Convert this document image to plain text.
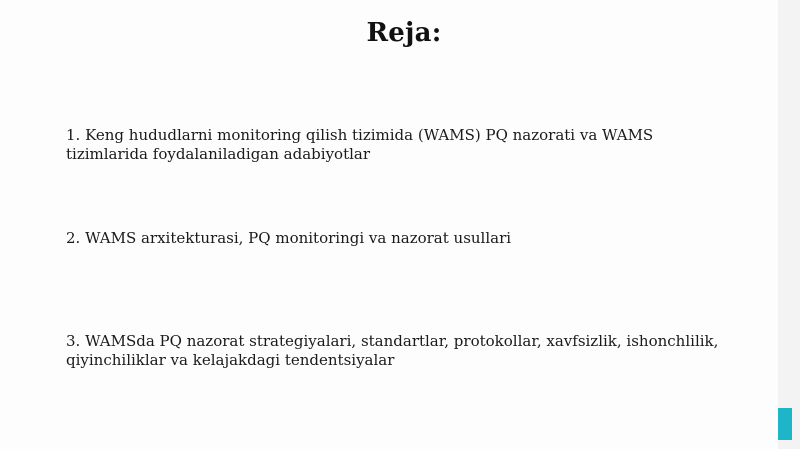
Reja:
1. Keng hududlarni monitoring qilish tizimida (WAMS) PQ nazorati va WAMS tizimlarida foydalaniladigan adabiyotlar
2. WAMS arxitekturasi, PQ monitoringi va nazorat usullari
3. WAMSda PQ nazorat strategiyalari, standartlar, protokollar, xavfsizlik, ishonchlilik, qiyinchiliklar va kelajakdagi tendentsiyalar
